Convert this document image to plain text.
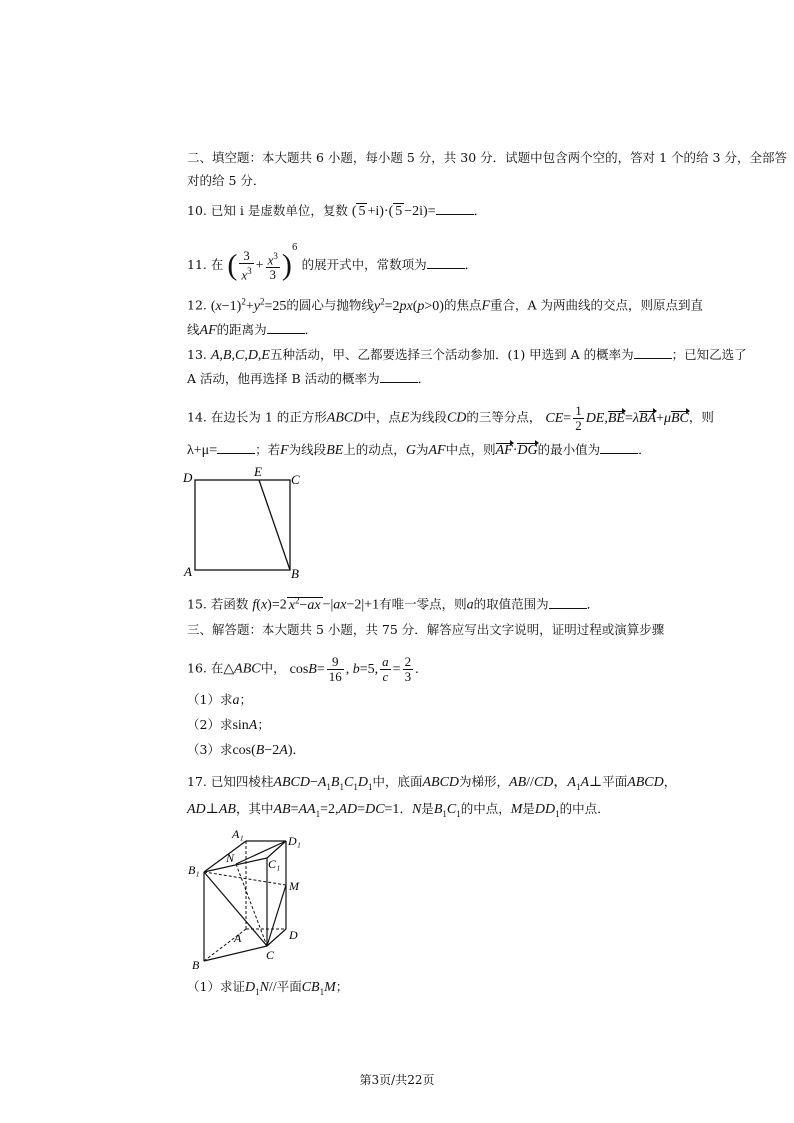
二、填空题：本大题共 6 小题，每小题 5 分，共 30 分．试题中包含两个空的，答对 1 个的给 3 分，全部答
对的给 5 分．
10. 已知 i 是虚数单位，复数 ( 5 +i)·( 5 −2i)=	．
11. 在 ( $\frac{3}{x^3} + \frac{x^3}{3} )^6$ 的展开式中，常数项为	．
12. $(x-1)^2+y^2=25$的圆心与抛物线$y^2=2px(p>0)$的焦点F重合，A 为两曲线的交点，则原点到直
线AF的距离为	．
13. A,B,C,D,E五种活动，甲、乙都要选择三个活动参加．(1) 甲选到 A 的概率为	；已知乙选了
A 活动，他再选择 B 活动的概率为	．
14. 在边长为 1 的正方形ABCD中，点E为线段CD的三等分点， $CE= \frac{1}{2} DE,BE=\lambda BA+\mu BC$，则
λ+μ=	；若F为线段BE上的动点，G为AF中点，则AF·DG的最小值为	．
D	E
C
A	B
15. 若函数 f(x)=2 $x^2-ax -|ax-2|+1$有唯一零点，则a的取值范围为	．
三、解答题：本大题共 5 小题，共 75 分．解答应写出文字说明，证明过程或演算步骤
16. 在△ABC中， $\cos B= \frac{9}{16}$ , b=5, $\frac{a}{c} = \frac{2}{3}$ .
（1）求a；
（2）求sinA；
（3）求cos(B−2A)．
17. 已知四棱柱$ABCD-A_1B_1C_1D_1$中，底面ABCD为梯形，AB//CD，$A_1A\perp$平面ABCD，
AD⊥AB，其中$AB=AA_1=2,AD=DC=1$．N是$B_1C_1$的中点，M是$DD_1$的中点．
A₁	D₁
N	C₁
B₁
M
A	D
C
B
（1）求证$D_1N//$平面$CB_1M$；
第3页/共22页
